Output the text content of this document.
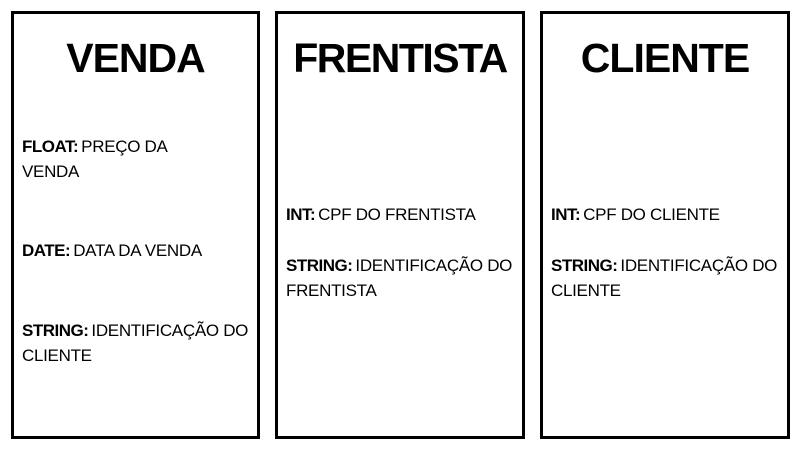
VENDA
FLOAT: PREÇO DA VENDA
DATE: DATA DA VENDA
STRING: IDENTIFICAÇÃO DO CLIENTE
FRENTISTA
INT: CPF DO FRENTISTA
STRING: IDENTIFICAÇÃO DO FRENTISTA
CLIENTE
INT: CPF DO CLIENTE
STRING: IDENTIFICAÇÃO DO CLIENTE
